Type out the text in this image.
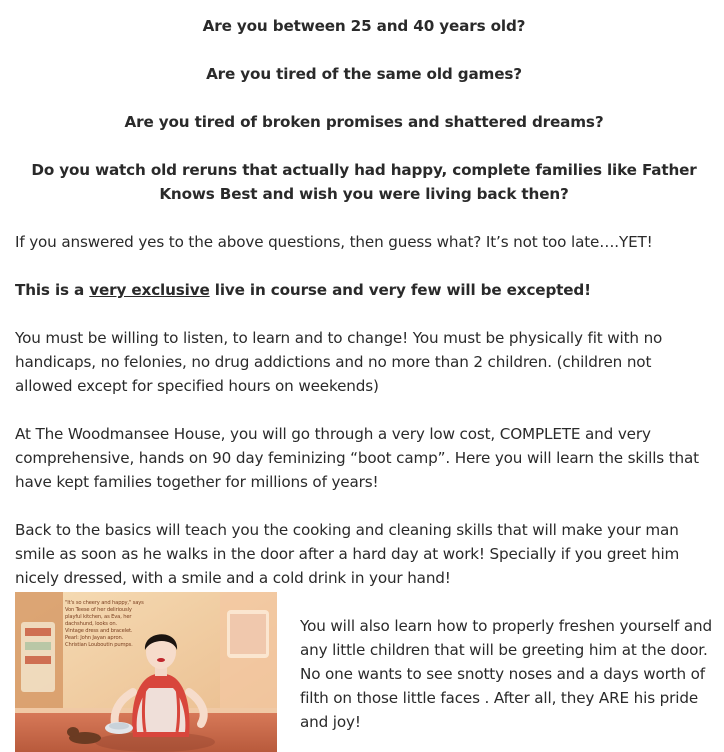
Are you between 25 and 40 years old?

Are you tired of the same old games?

Are you tired of broken promises and shattered dreams?

Do you watch old reruns that actually had happy, complete families like Father Knows Best and wish you were living back then?

If you answered yes to the above questions, then guess what? It’s not too late….YET!

This is a very exclusive live in course and very few will be excepted!

You must be willing to listen, to learn and to change! You must be physically fit with no handicaps, no felonies, no drug addictions and no more than 2 children. (children not allowed except for specified hours on weekends)

At The Woodmansee House, you will go through a very low cost, COMPLETE and very comprehensive, hands on 90 day feminizing “boot camp”. Here you will learn the skills that have kept families together for millions of years!

Back to the basics will teach you the cooking and cleaning skills that will make your man smile as soon as he walks in the door after a hard day at work! Specially if you greet him nicely dressed, with a smile and a cold drink in your hand!

"It's so cheery and happy," says
Von Teese of her deliriously
playful kitchen, as Eva, her
dachshund, looks on.
Vintage dress and bracelet.
Pearl: John Jayan apron.
Christian Louboutin pumps.

You will also learn how to properly freshen yourself and any little children that will be greeting him at the door. No one wants to see snotty noses and a days worth of filth on those little faces . After all, they ARE his pride and joy!
